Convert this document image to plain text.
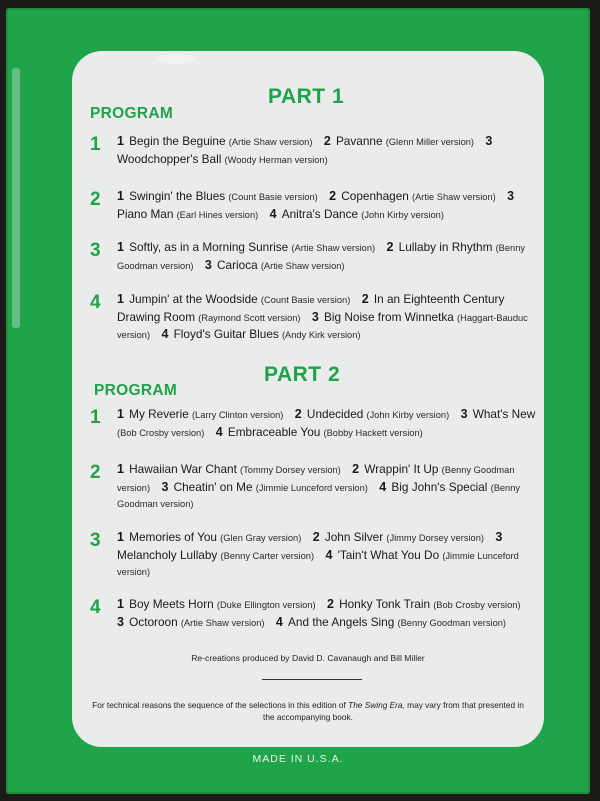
PART 1
PROGRAM
1	1 Begin the Beguine (Artie Shaw version)  2 Pavanne (Glenn Miller version)  3 Woodchopper's Ball (Woody Herman version) 
2	1 Swingin' the Blues (Count Basie version)  2 Copenhagen (Artie Shaw version)  3 Piano Man (Earl Hines version)  4 Anitra's Dance (John Kirby version) 
3	1 Softly, as in a Morning Sunrise (Artie Shaw version)  2 Lullaby in Rhythm (Benny Goodman version)  3 Carioca (Artie Shaw version) 
4	1 Jumpin' at the Woodside (Count Basie version)  2 In an Eighteenth Century Drawing Room (Raymond Scott version)  3 Big Noise from Winnetka (Haggart-Bauduc version)  4 Floyd's Guitar Blues (Andy Kirk version) 
PART 2
PROGRAM
1	1 My Reverie (Larry Clinton version)  2 Undecided (John Kirby version)  3 What's New (Bob Crosby version)  4 Embraceable You (Bobby Hackett version) 
2	1 Hawaiian War Chant (Tommy Dorsey version)  2 Wrappin' It Up (Benny Goodman version)  3 Cheatin' on Me (Jimmie Lunceford version)  4 Big John's Special (Benny Goodman version) 
3	1 Memories of You (Glen Gray version)  2 John Silver (Jimmy Dorsey version)  3 Melancholy Lullaby (Benny Carter version)  4 'Tain't What You Do (Jimmie Lunceford version) 
4	1 Boy Meets Horn (Duke Ellington version)  2 Honky Tonk Train (Bob Crosby version) 3 Octoroon (Artie Shaw version)  4 And the Angels Sing (Benny Goodman version) 
Re-creations produced by David D. Cavanaugh and Bill Miller
For technical reasons the sequence of the selections in this edition of The Swing Era, may vary from that presented in the accompanying book.
MADE IN U.S.A.
